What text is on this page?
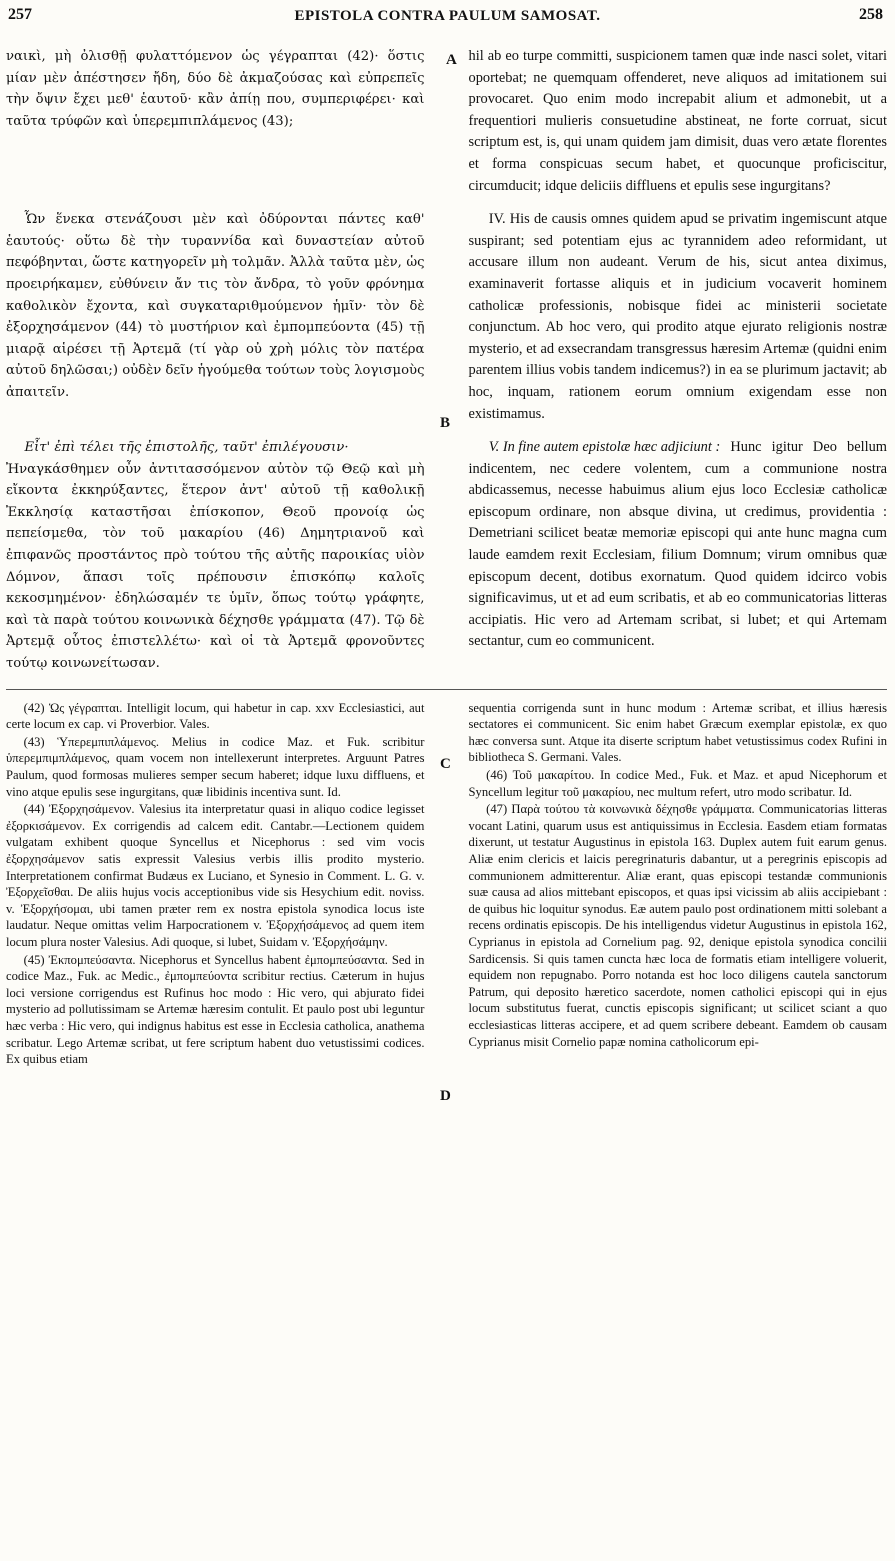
257	EPISTOLA CONTRA PAULUM SAMOSAT.	258
A
B
C
D
ναικὶ, μὴ ὀλισθῇ φυλαττόμενον ὡς γέγραπται (42)· ὅστις μίαν μὲν ἀπέστησεν ἤδη, δύο δὲ ἀκμαζούσας καὶ εὐπρεπεῖς τὴν ὄψιν ἔχει μεθ' ἑαυτοῦ· κἂν ἀπίῃ που, συμπεριφέρει· καὶ ταῦτα τρύφῶν καὶ ὑπερεμπιπλάμενος (43);
hil ab eo turpe committi, suspicionem tamen quæ inde nasci solet, vitari oportebat; ne quemquam offenderet, neve aliquos ad imitationem sui provocaret. Quo enim modo increpabit alium et admonebit, ut a frequentiori mulieris consuetudine abstineat, ne forte corruat, sicut scriptum est, is, qui unam quidem jam dimisit, duas vero ætate florentes et forma conspicuas secum habet, et quocunque proficiscitur, circumducit; idque deliciis diffluens et epulis sese ingurgitans?
Ὧν ἕνεκα στενάζουσι μὲν καὶ ὀδύρονται πάντες καθ' ἑαυτούς· οὕτω δὲ τὴν τυραννίδα καὶ δυναστείαν αὐτοῦ πεφόβηνται, ὥστε κατηγορεῖν μὴ τολμᾶν. Ἀλλὰ ταῦτα μὲν, ὡς προειρήκαμεν, εὐθύνειν ἄν τις τὸν ἄνδρα, τὸ γοῦν φρόνημα καθολικὸν ἔχοντα, καὶ συγκαταριθμούμενον ἡμῖν· τὸν δὲ ἐξορχησάμενον (44) τὸ μυστήριον καὶ ἐμπομπεύοντα (45) τῇ μιαρᾷ αἱρέσει τῇ Ἀρτεμᾶ (τί γὰρ οὐ χρὴ μόλις τὸν πατέρα αὐτοῦ δηλῶσαι;) οὐδὲν δεῖν ἡγούμεθα τούτων τοὺς λογισμοὺς ἀπαιτεῖν.
IV. His de causis omnes quidem apud se privatim ingemiscunt atque suspirant; sed potentiam ejus ac tyrannidem adeo reformidant, ut accusare illum non audeant. Verum de his, sicut antea diximus, examinaverit fortasse aliquis et in judicium vocaverit hominem catholicæ professionis, nobisque fidei ac ministerii societate conjunctum. Ab hoc vero, qui prodito atque ejurato religionis nostræ mysterio, et ad exsecrandam transgressus hæresim Artemæ (quidni enim parentem illius vobis tandem indicemus?) in ea se plurimum jactavit; ab hoc, inquam, rationem eorum omnium exigendam esse non existimamus.
Εἶτ' ἐπὶ τέλει τῆς ἐπιστολῆς, ταῦτ' ἐπιλέγουσιν·
Ἠναγκάσθημεν οὖν ἀντιτασσόμενον αὐτὸν τῷ Θεῷ καὶ μὴ εἴκοντα ἐκκηρύξαντες, ἕτερον ἀντ' αὐτοῦ τῇ καθολικῇ Ἐκκλησίᾳ καταστῆσαι ἐπίσκοπον, Θεοῦ προνοίᾳ ὡς πεπείσμεθα, τὸν τοῦ μακαρίου (46) Δημητριανοῦ καὶ ἐπιφανῶς προστάντος πρὸ τούτου τῆς αὐτῆς παροικίας υἱὸν Δόμνον, ἅπασι τοῖς πρέπουσιν ἐπισκόπῳ καλοῖς κεκοσμημένον· ἐδηλώσαμέν τε ὑμῖν, ὅπως τούτῳ γράφητε, καὶ τὰ παρὰ τούτου κοινωνικὰ δέχησθε γράμματα (47). Τῷ δὲ Ἀρτεμᾷ οὗτος ἐπιστελλέτω· καὶ οἱ τὰ Ἀρτεμᾶ φρονοῦντες τούτῳ κοινωνείτωσαν.
V. In fine autem epistolæ hæc adjiciunt : Hunc igitur Deo bellum indicentem, nec cedere volentem, cum a communione nostra abdicassemus, necesse habuimus alium ejus loco Ecclesiæ catholicæ episcopum ordinare, non absque divina, ut credimus, providentia : Demetriani scilicet beatæ memoriæ episcopi qui ante hunc magna cum laude eamdem rexit Ecclesiam, filium Domnum; virum omnibus quæ episcopum decent, dotibus exornatum. Quod quidem idcirco vobis significavimus, ut et ad eum scribatis, et ab eo communicatorias litteras accipiatis. Hic vero ad Artemam scribat, si lubet; et qui Artemam sectantur, cum eo communicent.

(42) Ὡς γέγραπται. Intelligit locum, qui habetur in cap. xxv Ecclesiastici, aut certe locum ex cap. vi Proverbior. Vales.

(43) Ὑπερεμπιπλάμενος. Melius in codice Maz. et Fuk. scribitur ὑπερεμπιμπλάμενος, quam vocem non intellexerunt interpretes. Arguunt Patres Paulum, quod formosas mulieres semper secum haberet; idque luxu diffluens, et vino atque epulis sese ingurgitans, quæ libidinis incentiva sunt. Id.

(44) Ἐξορχησάμενον. Valesius ita interpretatur quasi in aliquo codice legisset ἐξορκισάμενον. Ex corrigendis ad calcem edit. Cantabr.—Lectionem quidem vulgatam exhibent quoque Syncellus et Nicephorus : sed vim vocis ἐξορχησάμενον satis expressit Valesius verbis illis prodito mysterio. Interpretationem confirmat Budæus ex Luciano, et Synesio in Comment. L. G. v. Ἐξορχεῖσθαι. De aliis hujus vocis acceptionibus vide sis Hesychium edit. noviss. v. Ἐξορχήσομαι, ubi tamen præter rem ex nostra epistola synodica locus iste laudatur. Neque omittas velim Harpocrationem v. Ἐξορχήσάμενος ad quem item locum plura noster Valesius. Adi quoque, si lubet, Suidam v. Ἐξορχήσάμην.

(45) Ἐκπομπεύσαντα. Nicephorus et Syncellus habent ἐμπομπεύσαντα. Sed in codice Maz., Fuk. ac Medic., ἐμπομπεύοντα scribitur rectius. Cæterum in hujus loci versione corrigendus est Rufinus hoc modo : Hic vero, qui abjurato fidei mysterio ad pollutissimam se Artemæ hæresim contulit. Et paulo post ubi leguntur hæc verba : Hic vero, qui indignus habitus est esse in Ecclesia catholica, anathema scribatur. Lego Artemæ scribat, ut fere scriptum habent duo vetustissimi codices. Ex quibus etiam

sequentia corrigenda sunt in hunc modum : Artemæ scribat, et illius hæresis sectatores ei communicent. Sic enim habet Græcum exemplar epistolæ, ex quo hæc conversa sunt. Atque ita diserte scriptum habet vetustissimus codex Rufini in bibliotheca S. Germani. Vales.

(46) Τοῦ μακαρίτου. In codice Med., Fuk. et Maz. et apud Nicephorum et Syncellum legitur τοῦ μακαρίου, nec multum refert, utro modo scribatur. Id.

(47) Παρὰ τούτου τὰ κοινωνικὰ δέχησθε γράμματα. Communicatorias litteras vocant Latini, quarum usus est antiquissimus in Ecclesia. Easdem etiam formatas dixerunt, ut testatur Augustinus in epistola 163. Duplex autem fuit earum genus. Aliæ enim clericis et laicis peregrinaturis dabantur, ut a peregrinis episcopis ad communionem admitterentur. Aliæ erant, quas episcopi testandæ communionis suæ causa ad alios mittebant episcopos, et quas ipsi vicissim ab aliis accipiebant : de quibus hic loquitur synodus. Eæ autem paulo post ordinationem mitti solebant a recens ordinatis episcopis. De his intelligendus videtur Augustinus in epistola 162, Cyprianus in epistola ad Cornelium pag. 92, denique epistola synodica concilii Sardicensis. Si quis tamen cuncta hæc loca de formatis etiam intelligere voluerit, equidem non repugnabo. Porro notanda est hoc loco diligens cautela sanctorum Patrum, qui deposito hæretico sacerdote, nomen catholici episcopi qui in ejus locum substitutus fuerat, cunctis episcopis significant; ut scilicet sciant a quo ecclesiasticas litteras accipere, et ad quem scribere debeant. Eamdem ob causam Cyprianus misit Cornelio papæ nomina catholicorum epi-
